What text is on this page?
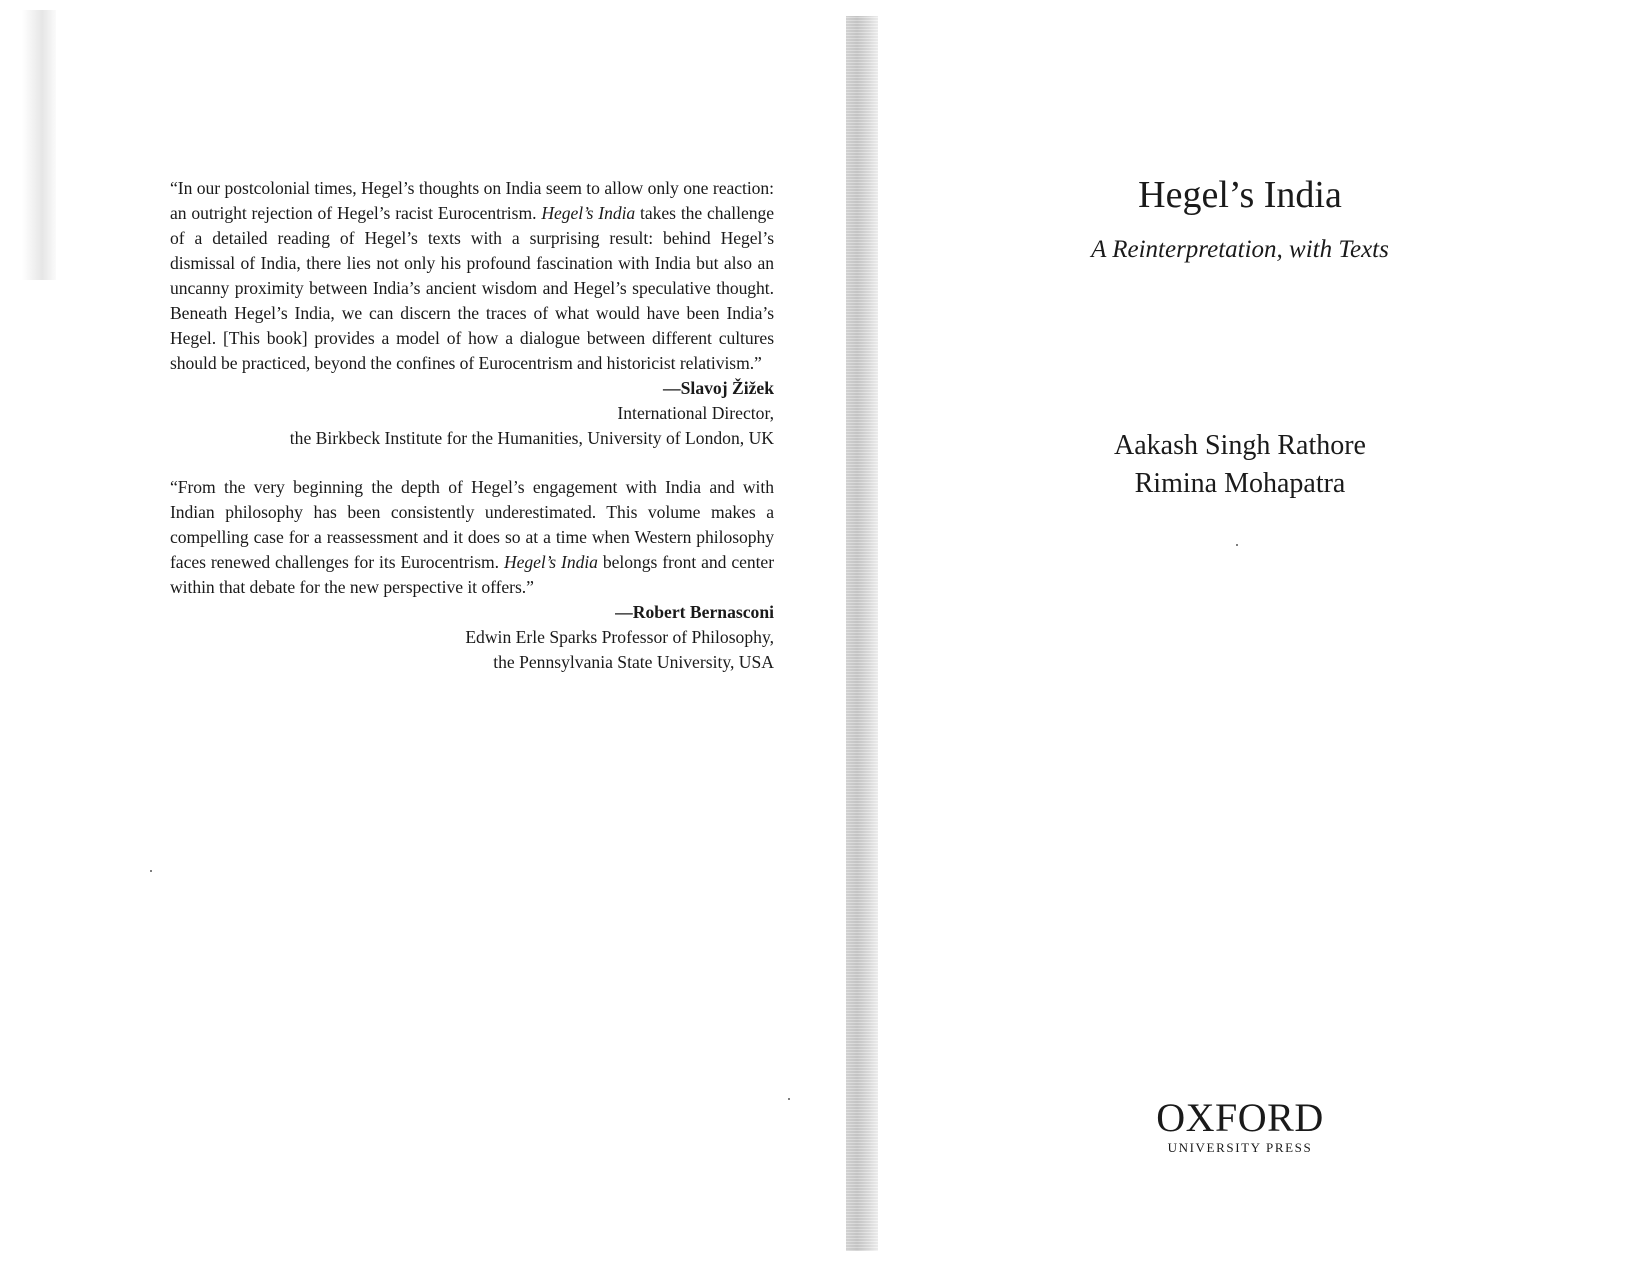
“In our postcolonial times, Hegel’s thoughts on India seem to allow only one reaction: an outright rejection of Hegel’s racist Eurocentrism. Hegel’s India takes the challenge of a detailed reading of Hegel’s texts with a surprising result: behind Hegel’s dismissal of India, there lies not only his profound fascination with India but also an uncanny proximity between India’s ancient wisdom and Hegel’s speculative thought. Beneath Hegel’s India, we can discern the traces of what would have been India’s Hegel. [This book] provides a model of how a dialogue between different cultures should be practiced, beyond the confines of Eurocentrism and historicist relativism.”

—Slavoj Žižek

International Director,

the Birkbeck Institute for the Humanities, University of London, UK

“From the very beginning the depth of Hegel’s engagement with India and with Indian philosophy has been consistently underestimated. This volume makes a compelling case for a reassessment and it does so at a time when Western philosophy faces renewed challenges for its Eurocentrism. Hegel’s India belongs front and center within that debate for the new perspective it offers.”

—Robert Bernasconi

Edwin Erle Sparks Professor of Philosophy,

the Pennsylvania State University, USA

Hegel’s India

A Reinterpretation, with Texts

Aakash Singh Rathore

Rimina Mohapatra

OXFORD

UNIVERSITY PRESS
